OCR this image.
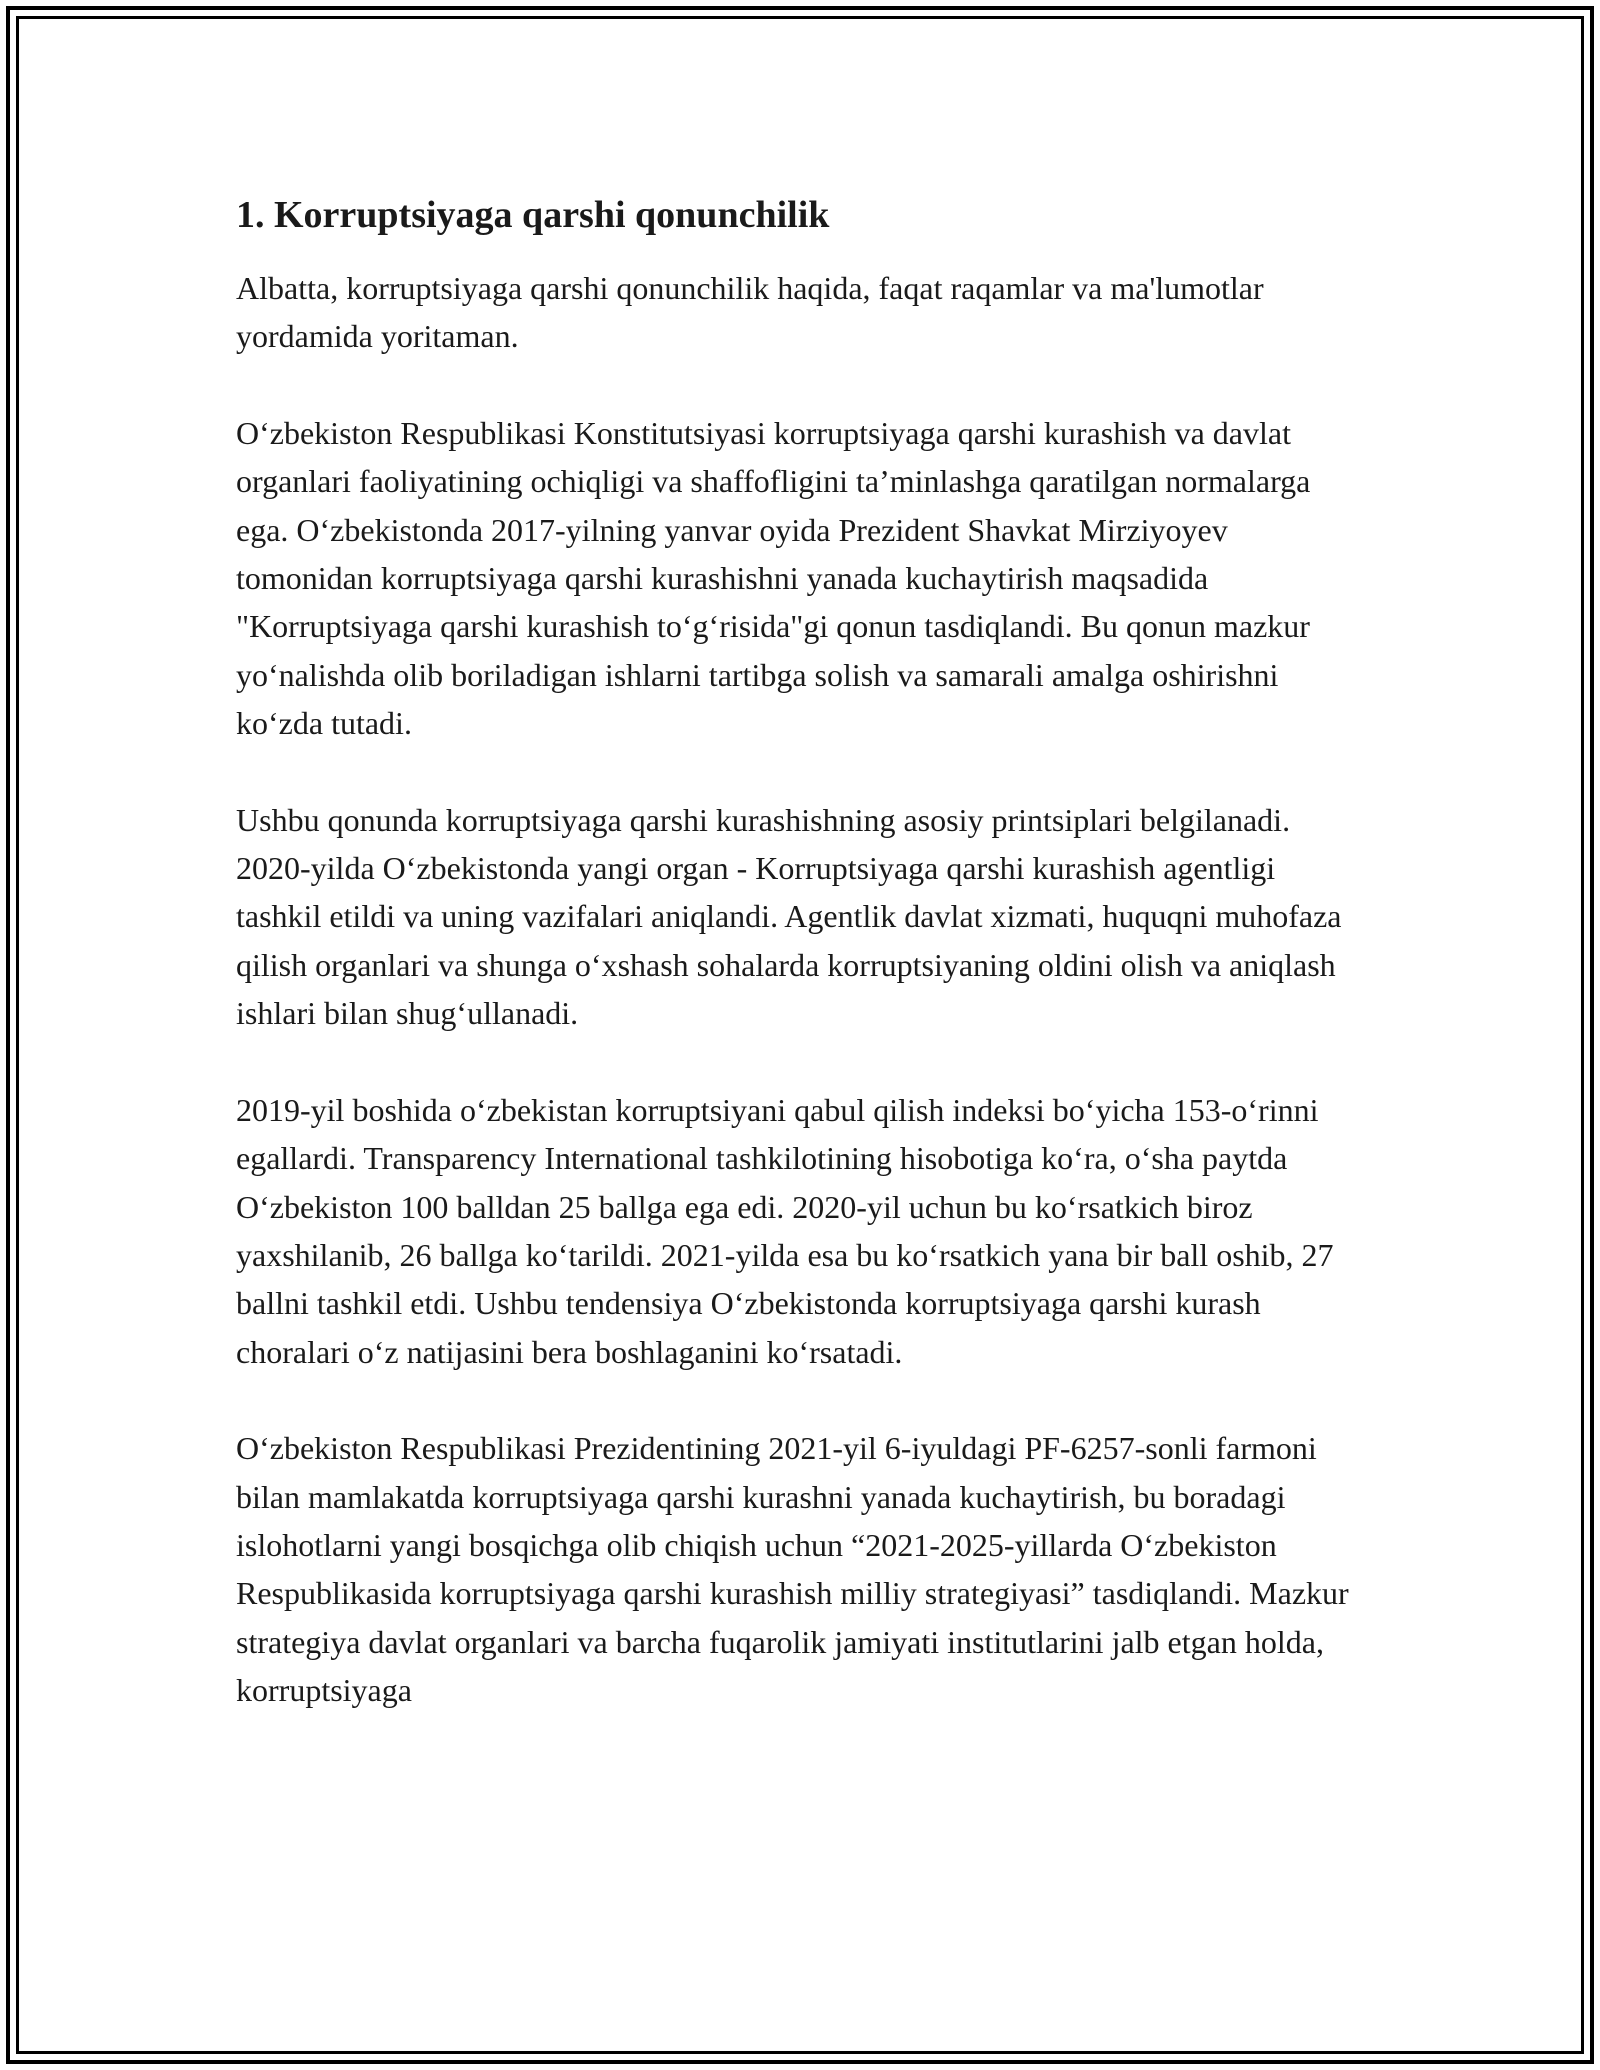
1. Korruptsiyaga qarshi qonunchilik

Albatta, korruptsiyaga qarshi qonunchilik haqida, faqat raqamlar va ma'lumotlar yordamida yoritaman.

O‘zbekiston Respublikasi Konstitutsiyasi korruptsiyaga qarshi kurashish va davlat organlari faoliyatining ochiqligi va shaffofligini ta’minlashga qaratilgan normalarga ega. O‘zbekistonda 2017-yilning yanvar oyida Prezident Shavkat Mirziyoyev tomonidan korruptsiyaga qarshi kurashishni yanada kuchaytirish maqsadida "Korruptsiyaga qarshi kurashish to‘g‘risida"gi qonun tasdiqlandi. Bu qonun mazkur yo‘nalishda olib boriladigan ishlarni tartibga solish va samarali amalga oshirishni ko‘zda tutadi.

Ushbu qonunda korruptsiyaga qarshi kurashishning asosiy printsiplari belgilanadi. 2020-yilda O‘zbekistonda yangi organ - Korruptsiyaga qarshi kurashish agentligi tashkil etildi va uning vazifalari aniqlandi. Agentlik davlat xizmati, huquqni muhofaza qilish organlari va shunga o‘xshash sohalarda korruptsiyaning oldini olish va aniqlash ishlari bilan shug‘ullanadi.

2019-yil boshida o‘zbekistan korruptsiyani qabul qilish indeksi bo‘yicha 153-o‘rinni egallardi. Transparency International tashkilotining hisobotiga ko‘ra, o‘sha paytda O‘zbekiston 100 balldan 25 ballga ega edi. 2020-yil uchun bu ko‘rsatkich biroz yaxshilanib, 26 ballga ko‘tarildi. 2021-yilda esa bu ko‘rsatkich yana bir ball oshib, 27 ballni tashkil etdi. Ushbu tendensiya O‘zbekistonda korruptsiyaga qarshi kurash choralari o‘z natijasini bera boshlaganini ko‘rsatadi.

O‘zbekiston Respublikasi Prezidentining 2021-yil 6-iyuldagi PF-6257-sonli farmoni bilan mamlakatda korruptsiyaga qarshi kurashni yanada kuchaytirish, bu boradagi islohotlarni yangi bosqichga olib chiqish uchun “2021-2025-yillarda O‘zbekiston Respublikasida korruptsiyaga qarshi kurashish milliy strategiyasi” tasdiqlandi. Mazkur strategiya davlat organlari va barcha fuqarolik jamiyati institutlarini jalb etgan holda, korruptsiyaga
